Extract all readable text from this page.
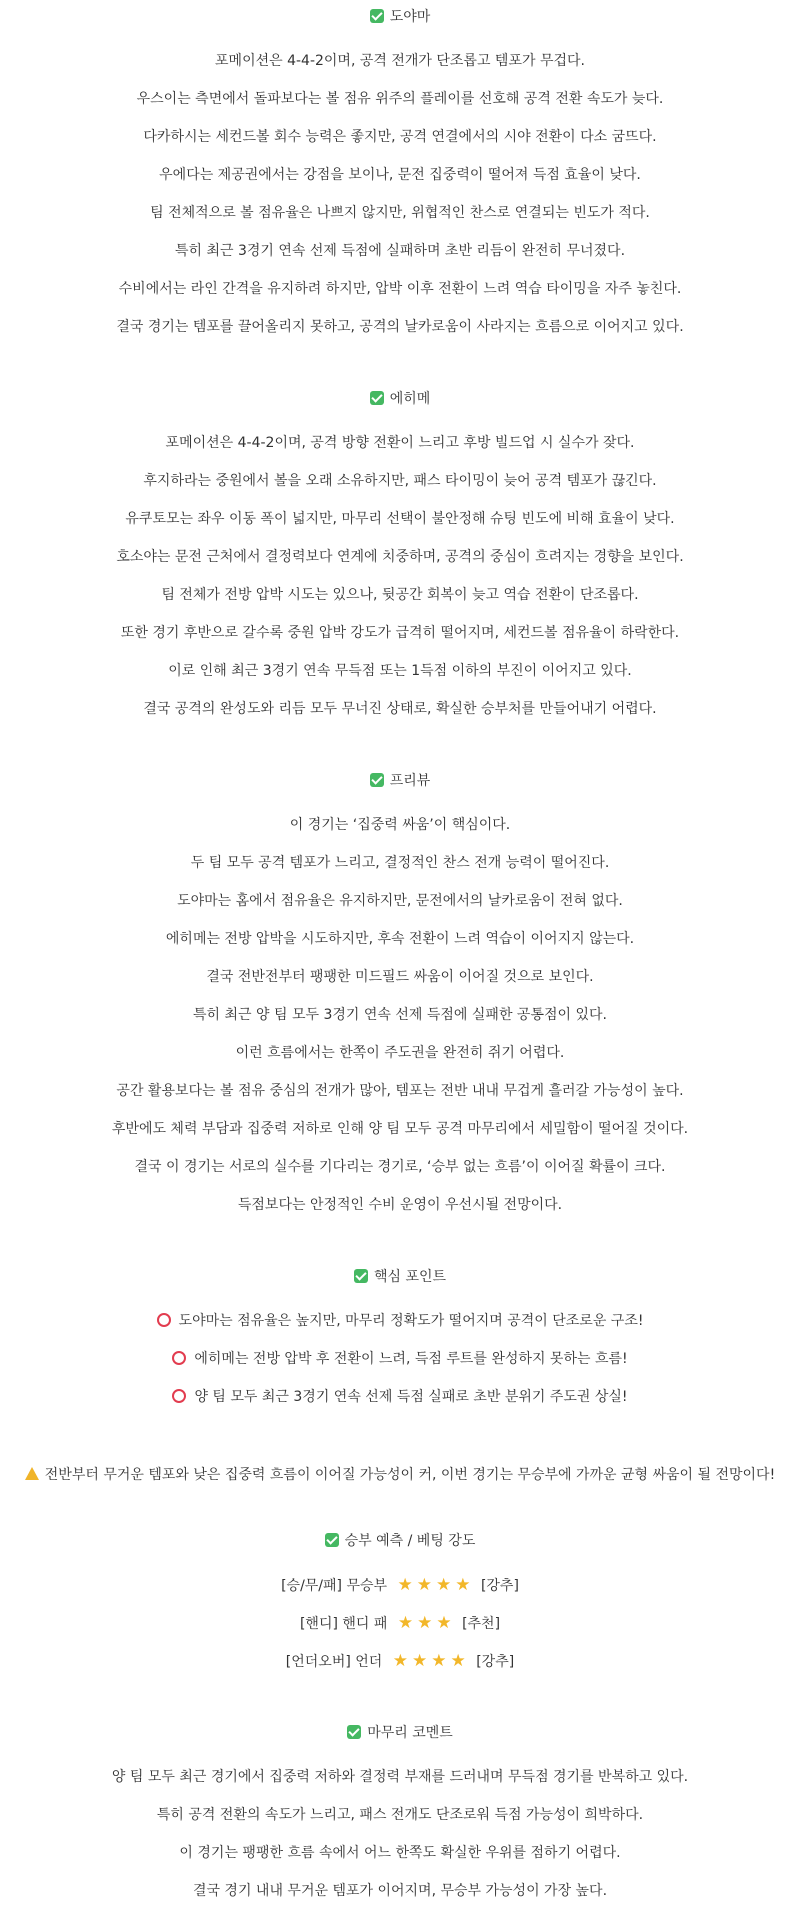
도야마
포메이션은 4-4-2이며, 공격 전개가 단조롭고 템포가 무겁다.
우스이는 측면에서 돌파보다는 볼 점유 위주의 플레이를 선호해 공격 전환 속도가 늦다.
다카하시는 세컨드볼 회수 능력은 좋지만, 공격 연결에서의 시야 전환이 다소 굼뜨다.
우에다는 제공권에서는 강점을 보이나, 문전 집중력이 떨어져 득점 효율이 낮다.
팀 전체적으로 볼 점유율은 나쁘지 않지만, 위협적인 찬스로 연결되는 빈도가 적다.
특히 최근 3경기 연속 선제 득점에 실패하며 초반 리듬이 완전히 무너졌다.
수비에서는 라인 간격을 유지하려 하지만, 압박 이후 전환이 느려 역습 타이밍을 자주 놓친다.
결국 경기는 템포를 끌어올리지 못하고, 공격의 날카로움이 사라지는 흐름으로 이어지고 있다.
에히메
포메이션은 4-4-2이며, 공격 방향 전환이 느리고 후방 빌드업 시 실수가 잦다.
후지하라는 중원에서 볼을 오래 소유하지만, 패스 타이밍이 늦어 공격 템포가 끊긴다.
유쿠토모는 좌우 이동 폭이 넓지만, 마무리 선택이 불안정해 슈팅 빈도에 비해 효율이 낮다.
호소야는 문전 근처에서 결정력보다 연계에 치중하며, 공격의 중심이 흐려지는 경향을 보인다.
팀 전체가 전방 압박 시도는 있으나, 뒷공간 회복이 늦고 역습 전환이 단조롭다.
또한 경기 후반으로 갈수록 중원 압박 강도가 급격히 떨어지며, 세컨드볼 점유율이 하락한다.
이로 인해 최근 3경기 연속 무득점 또는 1득점 이하의 부진이 이어지고 있다.
결국 공격의 완성도와 리듬 모두 무너진 상태로, 확실한 승부처를 만들어내기 어렵다.
프리뷰
이 경기는 ‘집중력 싸움’이 핵심이다.
두 팀 모두 공격 템포가 느리고, 결정적인 찬스 전개 능력이 떨어진다.
도야마는 홈에서 점유율은 유지하지만, 문전에서의 날카로움이 전혀 없다.
에히메는 전방 압박을 시도하지만, 후속 전환이 느려 역습이 이어지지 않는다.
결국 전반전부터 팽팽한 미드필드 싸움이 이어질 것으로 보인다.
특히 최근 양 팀 모두 3경기 연속 선제 득점에 실패한 공통점이 있다.
이런 흐름에서는 한쪽이 주도권을 완전히 쥐기 어렵다.
공간 활용보다는 볼 점유 중심의 전개가 많아, 템포는 전반 내내 무겁게 흘러갈 가능성이 높다.
후반에도 체력 부담과 집중력 저하로 인해 양 팀 모두 공격 마무리에서 세밀함이 떨어질 것이다.
결국 이 경기는 서로의 실수를 기다리는 경기로, ‘승부 없는 흐름’이 이어질 확률이 크다.
득점보다는 안정적인 수비 운영이 우선시될 전망이다.
핵심 포인트
도야마는 점유율은 높지만, 마무리 정확도가 떨어지며 공격이 단조로운 구조!
에히메는 전방 압박 후 전환이 느려, 득점 루트를 완성하지 못하는 흐름!
양 팀 모두 최근 3경기 연속 선제 득점 실패로 초반 분위기 주도권 상실!
전반부터 무거운 템포와 낮은 집중력 흐름이 이어질 가능성이 커, 이번 경기는 무승부에 가까운 균형 싸움이 될 전망이다!
승부 예측 / 베팅 강도
[승/무/패] 무승부 ★ ★ ★ ★ [강추]
[핸디] 핸디 패 ★ ★ ★ [추천]
[언더오버] 언더 ★ ★ ★ ★ [강추]
마무리 코멘트
양 팀 모두 최근 경기에서 집중력 저하와 결정력 부재를 드러내며 무득점 경기를 반복하고 있다.
특히 공격 전환의 속도가 느리고, 패스 전개도 단조로워 득점 가능성이 희박하다.
이 경기는 팽팽한 흐름 속에서 어느 한쪽도 확실한 우위를 점하기 어렵다.
결국 경기 내내 무거운 템포가 이어지며, 무승부 가능성이 가장 높다.
